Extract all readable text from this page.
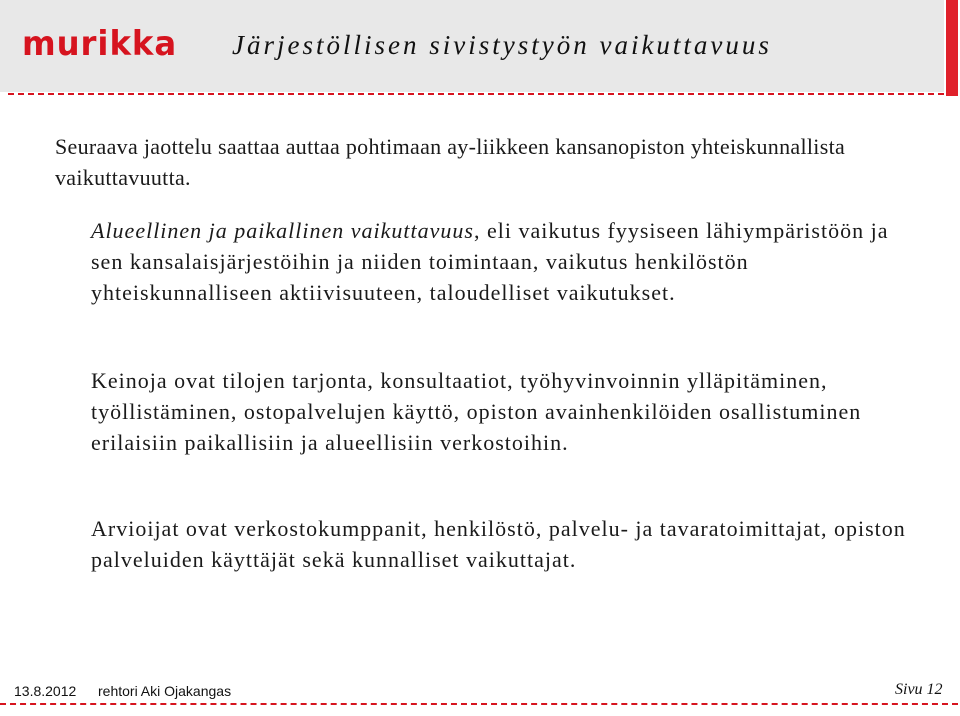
murikka Järjestöllisen sivistystyön vaikuttavuus
Seuraava jaottelu saattaa auttaa pohtimaan ay-liikkeen kansanopiston yhteiskunnallista vaikuttavuutta.
Alueellinen ja paikallinen vaikuttavuus, eli vaikutus fyysiseen lähiympäristöön ja sen kansalaisjärjestöihin ja niiden toimintaan, vaikutus henkilöstön yhteiskunnalliseen aktiivisuuteen, taloudelliset vaikutukset.
Keinoja ovat tilojen tarjonta, konsultaatiot, työhyvinvoinnin ylläpitäminen, työllistäminen, ostopalvelujen käyttö, opiston avainhenkilöiden osallistuminen erilaisiin paikallisiin ja alueellisiin verkostoihin.
Arvioijat ovat verkostokumppanit, henkilöstö, palvelu- ja tavaratoimittajat, opiston palveluiden käyttäjät sekä kunnalliset vaikuttajat.
13.8.2012 rehtori Aki Ojakangas	Sivu 12
